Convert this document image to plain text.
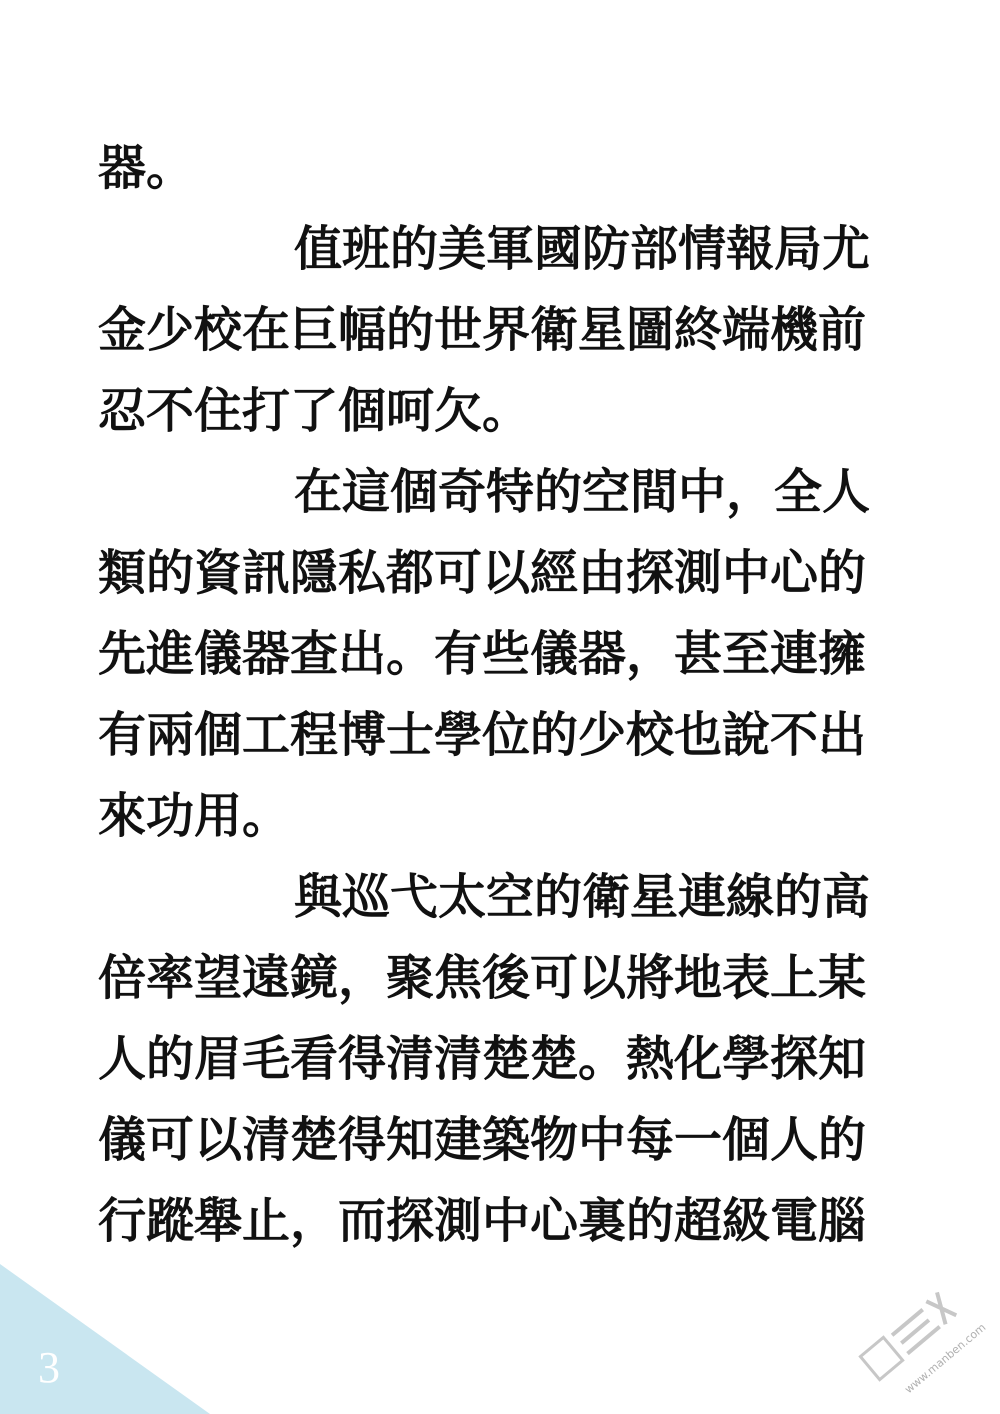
器。
值班的美軍國防部情報局尤
金少校在巨幅的世界衛星圖終端機前
忍不住打了個呵欠。
在這個奇特的空間中，全人
類的資訊隱私都可以經由探測中心的
先進儀器查出。有些儀器，甚至連擁
有兩個工程博士學位的少校也說不出
來功用。
與巡弋太空的衛星連線的高
倍率望遠鏡，聚焦後可以將地表上某
人的眉毛看得清清楚楚。熱化學探知
儀可以清楚得知建築物中每一個人的
行蹤舉止，而探測中心裏的超級電腦
3	www.manben.com
